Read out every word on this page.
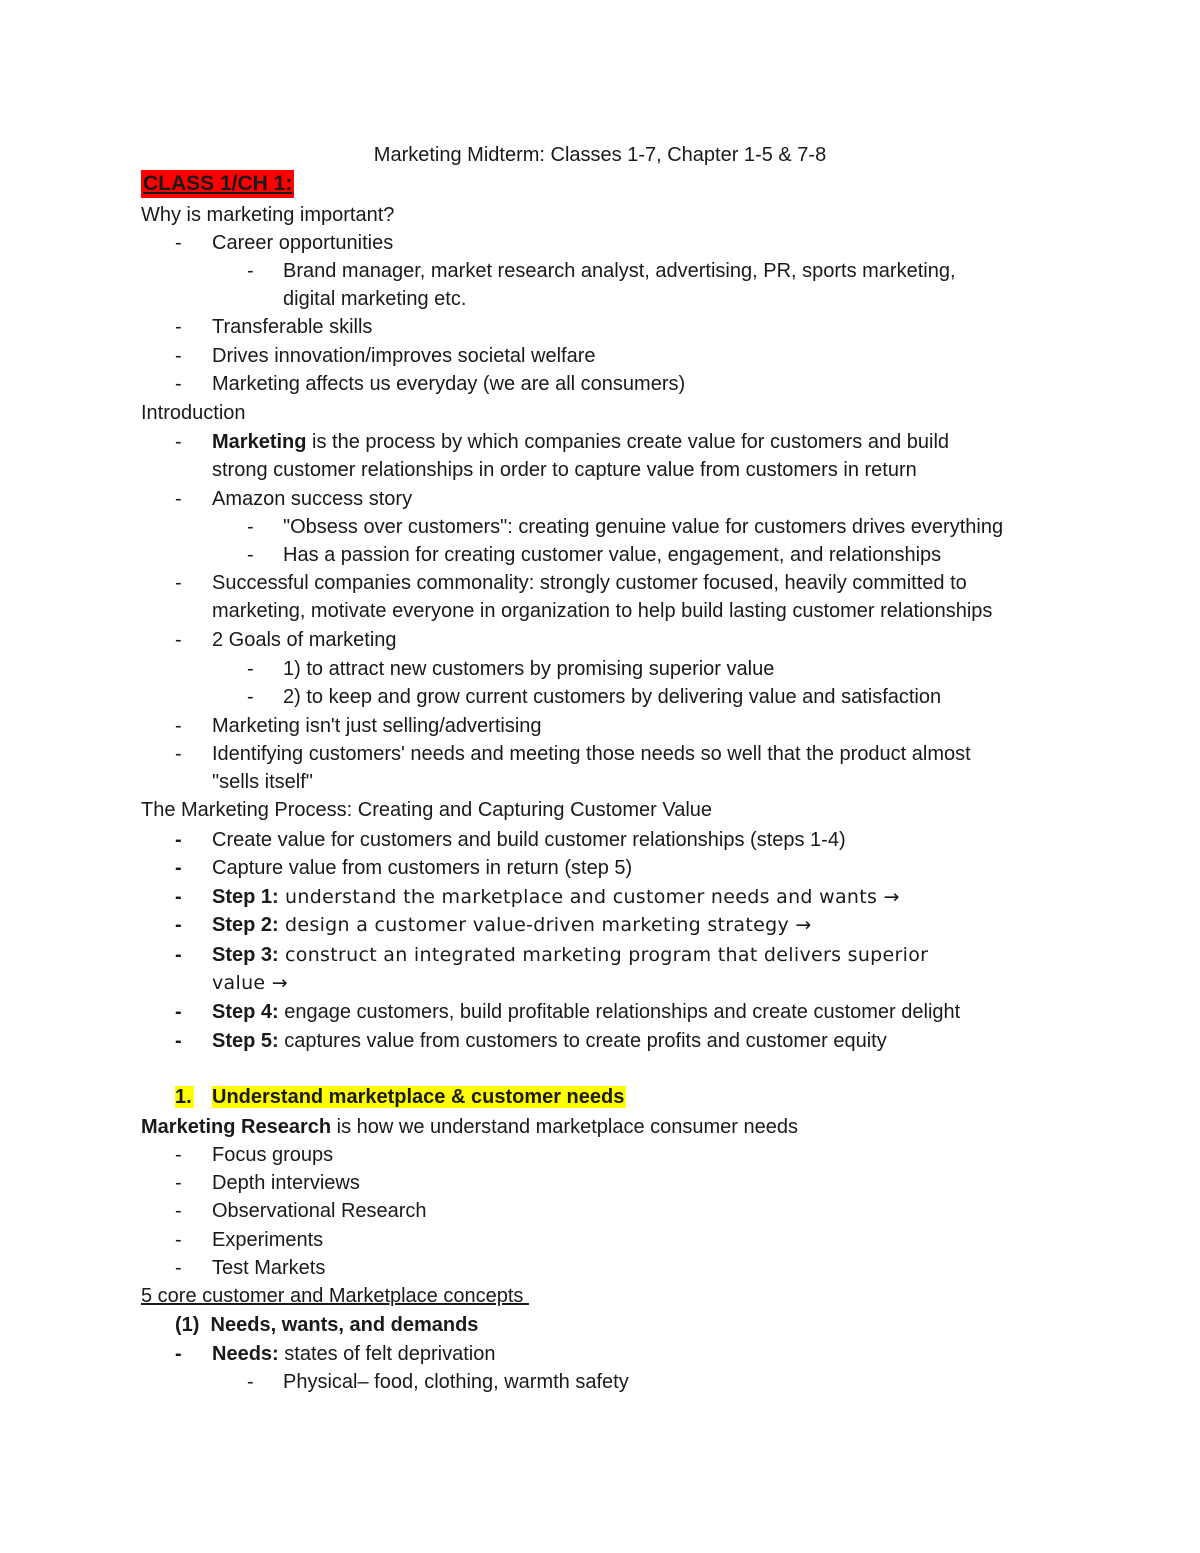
Marketing Midterm: Classes 1-7, Chapter 1-5 & 7-8
CLASS 1/CH 1:
Why is marketing important?
- Career opportunities
- Brand manager, market research analyst, advertising, PR, sports marketing,
digital marketing etc.
- Transferable skills
- Drives innovation/improves societal welfare
- Marketing affects us everyday (we are all consumers)
Introduction
- Marketing is the process by which companies create value for customers and build
strong customer relationships in order to capture value from customers in return
- Amazon success story
- "Obsess over customers": creating genuine value for customers drives everything
- Has a passion for creating customer value, engagement, and relationships
- Successful companies commonality: strongly customer focused, heavily committed to
marketing, motivate everyone in organization to help build lasting customer relationships
- 2 Goals of marketing
- 1) to attract new customers by promising superior value
- 2) to keep and grow current customers by delivering value and satisfaction
- Marketing isn't just selling/advertising
- Identifying customers' needs and meeting those needs so well that the product almost
"sells itself"
The Marketing Process: Creating and Capturing Customer Value
- Create value for customers and build customer relationships (steps 1-4)
- Capture value from customers in return (step 5)
- Step 1: understand the marketplace and customer needs and wants →
- Step 2: design a customer value-driven marketing strategy →
- Step 3: construct an integrated marketing program that delivers superior
value →
- Step 4: engage customers, build profitable relationships and create customer delight
- Step 5: captures value from customers to create profits and customer equity
1. Understand marketplace & customer needs
Marketing Research is how we understand marketplace consumer needs
- Focus groups
- Depth interviews
- Observational Research
- Experiments
- Test Markets
5 core customer and Marketplace concepts
(1)  Needs, wants, and demands
- Needs: states of felt deprivation
- Physical– food, clothing, warmth safety
